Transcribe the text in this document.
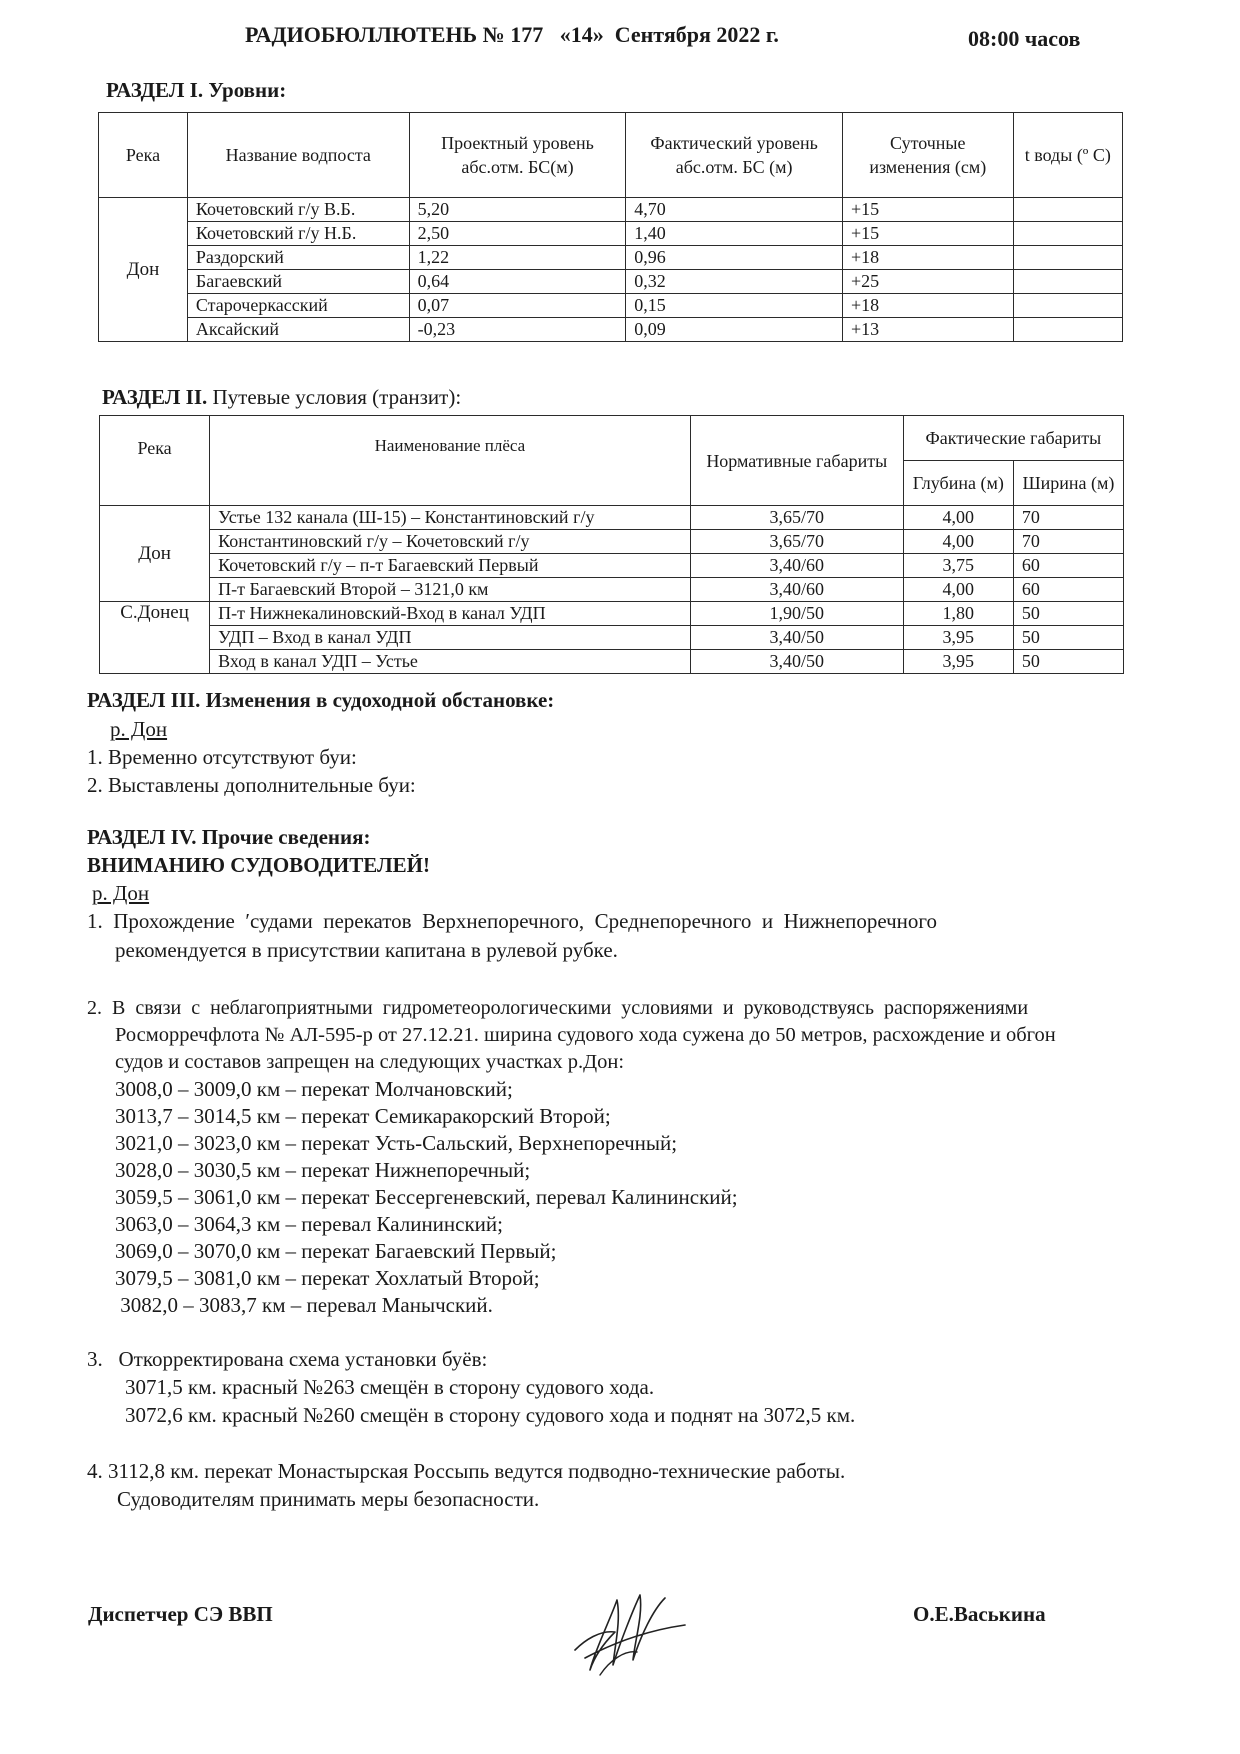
РАДИОБЮЛЛЮТЕНЬ № 177   «14»  Сентября 2022 г.	08:00 часов
РАЗДЕЛ I. Уровни:
Река	Название водпоста	Проектный уровень абс.отм. БС(м)	Фактический уровень абс.отм. БС (м)	Суточные изменения (см)	t воды (º С)
Дон	Кочетовский г/у В.Б.	5,20	4,70	+15	
	Кочетовский г/у Н.Б.	2,50	1,40	+15	
	Раздорский	1,22	0,96	+18	
	Багаевский	0,64	0,32	+25	
	Старочеркасский	0,07	0,15	+18	
	Аксайский	-0,23	0,09	+13	
РАЗДЕЛ II. Путевые условия (транзит):
Река	Наименование плёса	Нормативные габариты	Фактические габариты	
			Глубина (м)	Ширина (м)
Дон	Устье 132 канала (Ш-15) – Константиновский г/у	3,65/70	4,00	70
	Константиновский г/у – Кочетовский г/у	3,65/70	4,00	70
	Кочетовский г/у – п-т Багаевский Первый	3,40/60	3,75	60
	П-т Багаевский Второй – 3121,0 км	3,40/60	4,00	60
С.Донец	П-т Нижнекалиновский-Вход в канал УДП	1,90/50	1,80	50
	УДП – Вход в канал УДП	3,40/50	3,95	50
	Вход в канал УДП – Устье	3,40/50	3,95	50
РАЗДЕЛ III. Изменения в судоходной обстановке:
р. Дон
1. Временно отсутствуют буи:
2. Выставлены дополнительные буи:
РАЗДЕЛ IV. Прочие сведения:
ВНИМАНИЮ СУДОВОДИТЕЛЕЙ!
р. Дон
1.  Прохождение  ʹсудами  перекатов  Верхнепоречного,  Среднепоречного  и  Нижнепоречного
рекомендуется в присутствии капитана в рулевой рубке.
2.  В  связи  с  неблагоприятными  гидрометеорологическими  условиями  и  руководствуясь  распоряжениями
Росморречфлота № АЛ-595-р от 27.12.21. ширина судового хода сужена до 50 метров, расхождение и обгон
судов и составов запрещен на следующих участках р.Дон:
3008,0 – 3009,0 км – перекат Молчановский;
3013,7 – 3014,5 км – перекат Семикаракорский Второй;
3021,0 – 3023,0 км – перекат Усть-Сальский, Верхнепоречный;
3028,0 – 3030,5 км – перекат Нижнепоречный;
3059,5 – 3061,0 км – перекат Бессергеневский, перевал Калининский;
3063,0 – 3064,3 км – перевал Калининский;
3069,0 – 3070,0 км – перекат Багаевский Первый;
3079,5 – 3081,0 км – перекат Хохлатый Второй;
3082,0 – 3083,7 км – перевал Манычский.
3.   Откорректирована схема установки буёв:
3071,5 км. красный №263 смещён в сторону судового хода.
3072,6 км. красный №260 смещён в сторону судового хода и поднят на 3072,5 км.
4. 3112,8 км. перекат Монастырская Россыпь ведутся подводно-технические работы.
Судоводителям принимать меры безопасности.
Диспетчер СЭ ВВП	О.Е.Васькина
